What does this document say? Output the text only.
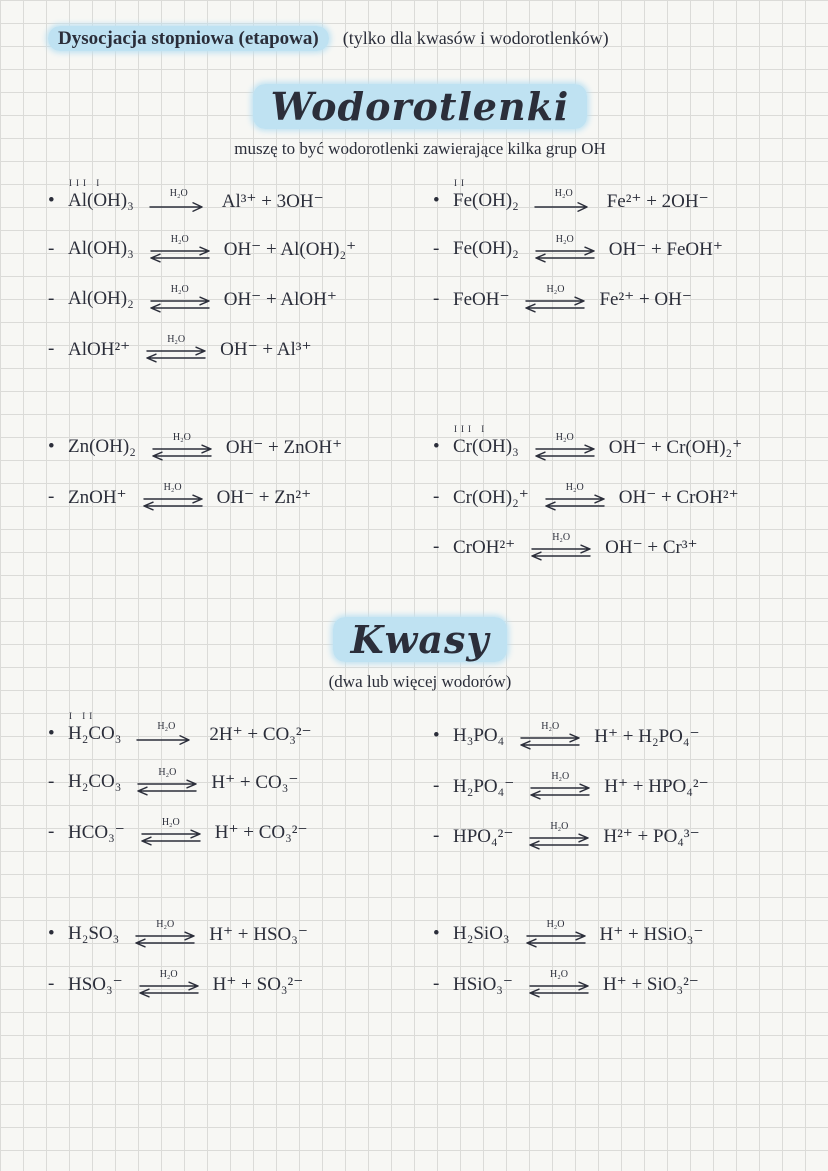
Dysocjacja stopniowa (etapowa) (tylko dla kwasów i wodorotlenków)
Wodorotlenki
muszę to być wodorotlenki zawierające kilka grup OH
•
III I
Al(OH)₃	H₂O Al³⁺ + 3OH⁻
- Al(OH)₃	H₂O OH⁻ + Al(OH)₂⁺
- Al(OH)₂	H₂O OH⁻ + AlOH⁺
- AlOH²⁺	H₂O OH⁻ + Al³⁺
•
II
Fe(OH)₂	H₂O Fe²⁺ + 2OH⁻
- Fe(OH)₂	H₂O OH⁻ + FeOH⁺
- FeOH⁻	H₂O Fe²⁺ + OH⁻
• Zn(OH)₂	H₂O OH⁻ + ZnOH⁺
- ZnOH⁺	H₂O OH⁻ + Zn²⁺
•
III I
Cr(OH)₃	H₂O OH⁻ + Cr(OH)₂⁺
- Cr(OH)₂⁺	H₂O OH⁻ + CrOH²⁺
- CrOH²⁺	H₂O OH⁻ + Cr³⁺
Kwasy
(dwa lub więcej wodorów)
•
I II
H₂CO₃	H₂O 2H⁺ + CO₃²⁻
- H₂CO₃	H₂O H⁺ + CO₃⁻
- HCO₃⁻	H₂O H⁺ + CO₃²⁻
• H₃PO₄	H₂O H⁺ + H₂PO₄⁻
- H₂PO₄⁻	H₂O H⁺ + HPO₄²⁻
- HPO₄²⁻	H₂O H²⁺ + PO₄³⁻
• H₂SO₃	H₂O H⁺ + HSO₃⁻
- HSO₃⁻	H₂O H⁺ + SO₃²⁻
• H₂SiO₃	H₂O H⁺ + HSiO₃⁻
- HSiO₃⁻	H₂O H⁺ + SiO₃²⁻
